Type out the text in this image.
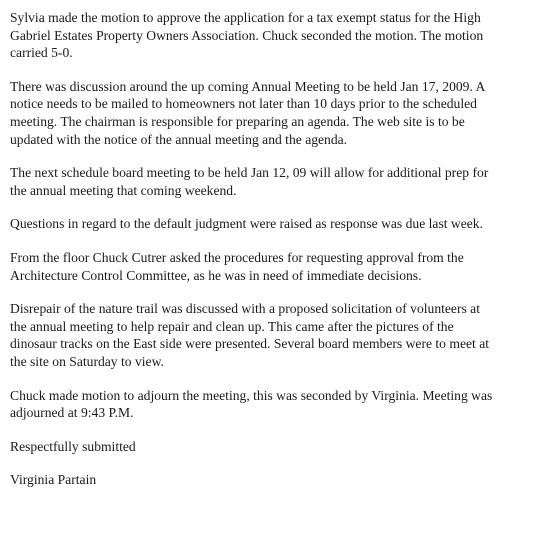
Sylvia made the motion to approve the application for a tax exempt status for the High
Gabriel Estates Property Owners Association. Chuck seconded the motion. The motion
carried 5-0.

There was discussion around the up coming Annual Meeting to be held Jan 17, 2009. A
notice needs to be mailed to homeowners not later than 10 days prior to the scheduled
meeting. The chairman is responsible for preparing an agenda. The web site is to be
updated with the notice of the annual meeting and the agenda.

The next schedule board meeting to be held Jan 12, 09 will allow for additional prep for
the annual meeting that coming weekend.

Questions in regard to the default judgment were raised as response was due last week.

From the floor Chuck Cutrer asked the procedures for requesting approval from the
Architecture Control Committee, as he was in need of immediate decisions.

Disrepair of the nature trail was discussed with a proposed solicitation of volunteers at
the annual meeting to help repair and clean up. This came after the pictures of the
dinosaur tracks on the East side were presented. Several board members were to meet at
the site on Saturday to view.

Chuck made motion to adjourn the meeting, this was seconded by Virginia. Meeting was
adjourned at 9:43 P.M.

Respectfully submitted

Virginia Partain
